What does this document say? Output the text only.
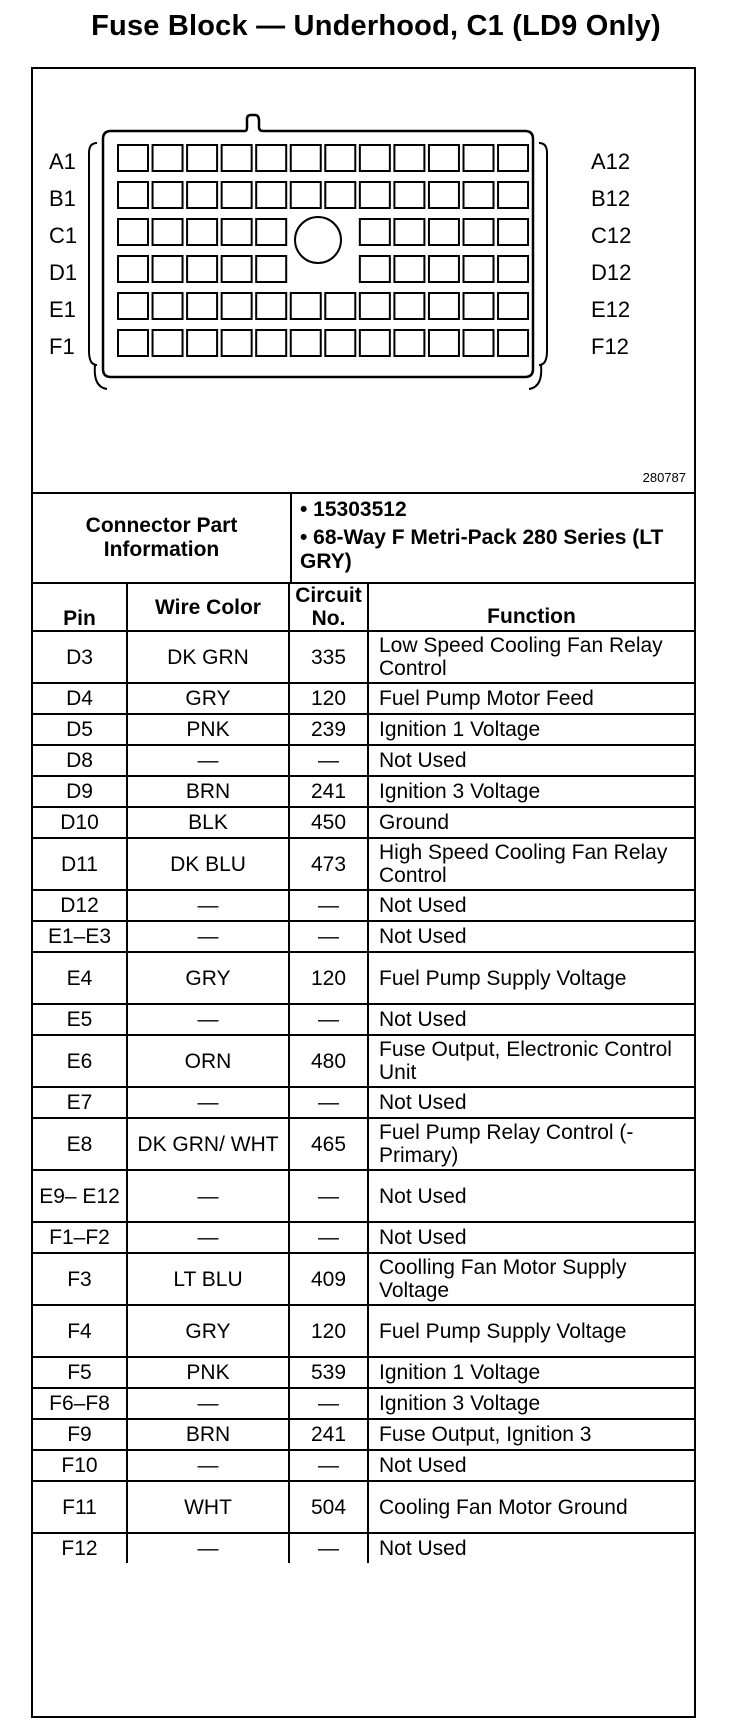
Fuse Block — Underhood, C1 (LD9 Only)
A1
B1
C1
D1
E1
F1
A12
B12
C12
D12
E12
F12
280787
Connector Part Information
• 15303512
• 68-Way F Metri-Pack 280 Series (LT GRY)
Pin	Wire Color	Circuit No.	Function
D3	DK GRN	335	Low Speed Cooling Fan Relay Control
D4	GRY	120	Fuel Pump Motor Feed
D5	PNK	239	Ignition 1 Voltage
D8	—	—	Not Used
D9	BRN	241	Ignition 3 Voltage
D10	BLK	450	Ground
D11	DK BLU	473	High Speed Cooling Fan Relay Control
D12	—	—	Not Used
E1–E3	—	—	Not Used
E4	GRY	120	Fuel Pump Supply Voltage
E5	—	—	Not Used
E6	ORN	480	Fuse Output, Electronic Control Unit
E7	—	—	Not Used
E8	DK GRN/ WHT	465	Fuel Pump Relay Control (-Primary)
E9– E12	—	—	Not Used
F1–F2	—	—	Not Used
F3	LT BLU	409	Coolling Fan Motor Supply Voltage
F4	GRY	120	Fuel Pump Supply Voltage
F5	PNK	539	Ignition 1 Voltage
F6–F8	—	—	Ignition 3 Voltage
F9	BRN	241	Fuse Output, Ignition 3
F10	—	—	Not Used
F11	WHT	504	Cooling Fan Motor Ground
F12	—	—	Not Used
